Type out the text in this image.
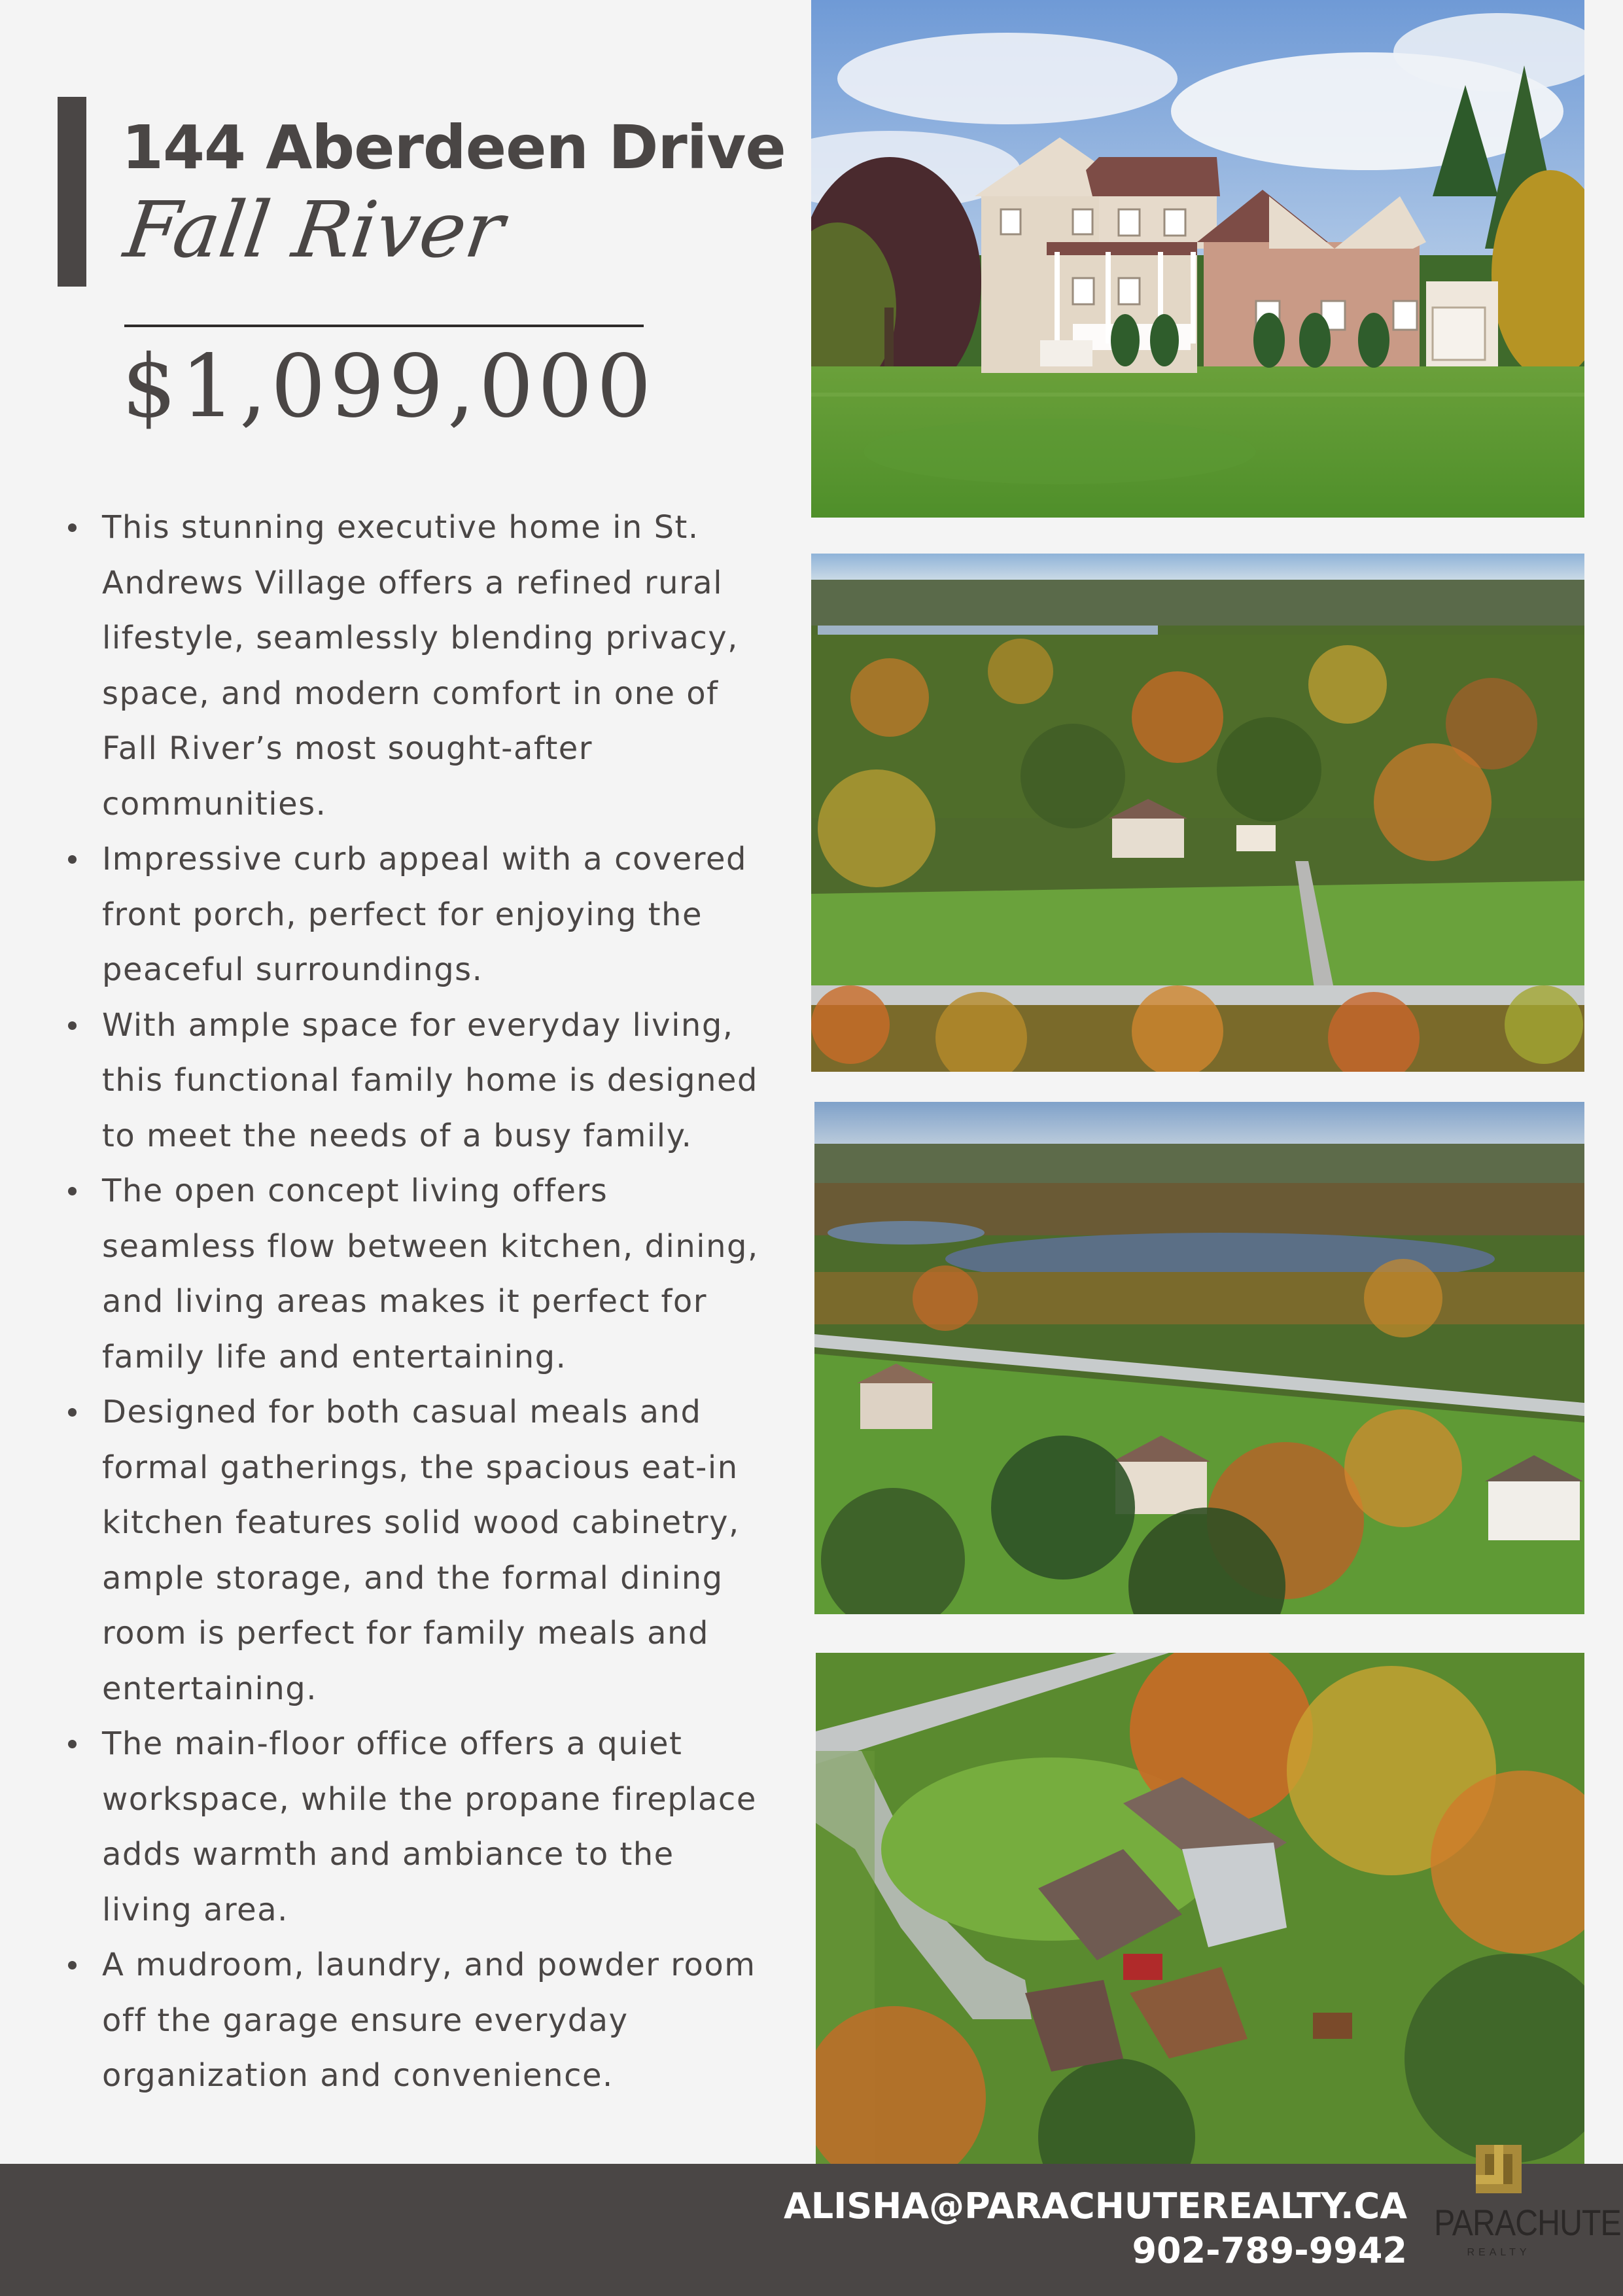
144 Aberdeen Drive
Fall River
$1,099,000
This stunning executive home in St. Andrews Village offers a refined rural lifestyle, seamlessly blending privacy, space, and modern comfort in one of Fall River’s most sought-after communities.
Impressive curb appeal with a covered front porch, perfect for enjoying the peaceful surroundings.
With ample space for everyday living, this functional family home is designed to meet the needs of a busy family.
The open concept living offers seamless flow between kitchen, dining, and living areas makes it perfect for family life and entertaining.
Designed for both casual meals and formal gatherings, the spacious eat-in kitchen features solid wood cabinetry, ample storage, and the formal dining room is perfect for family meals and entertaining.
The main-floor office offers a quiet workspace, while the propane fireplace adds warmth and ambiance to the living area.
A mudroom, laundry, and powder room off the garage ensure everyday organization and convenience.
ALISHA@PARACHUTEREALTY.CA
902-789-9942
PARACHUTE
REALTY
